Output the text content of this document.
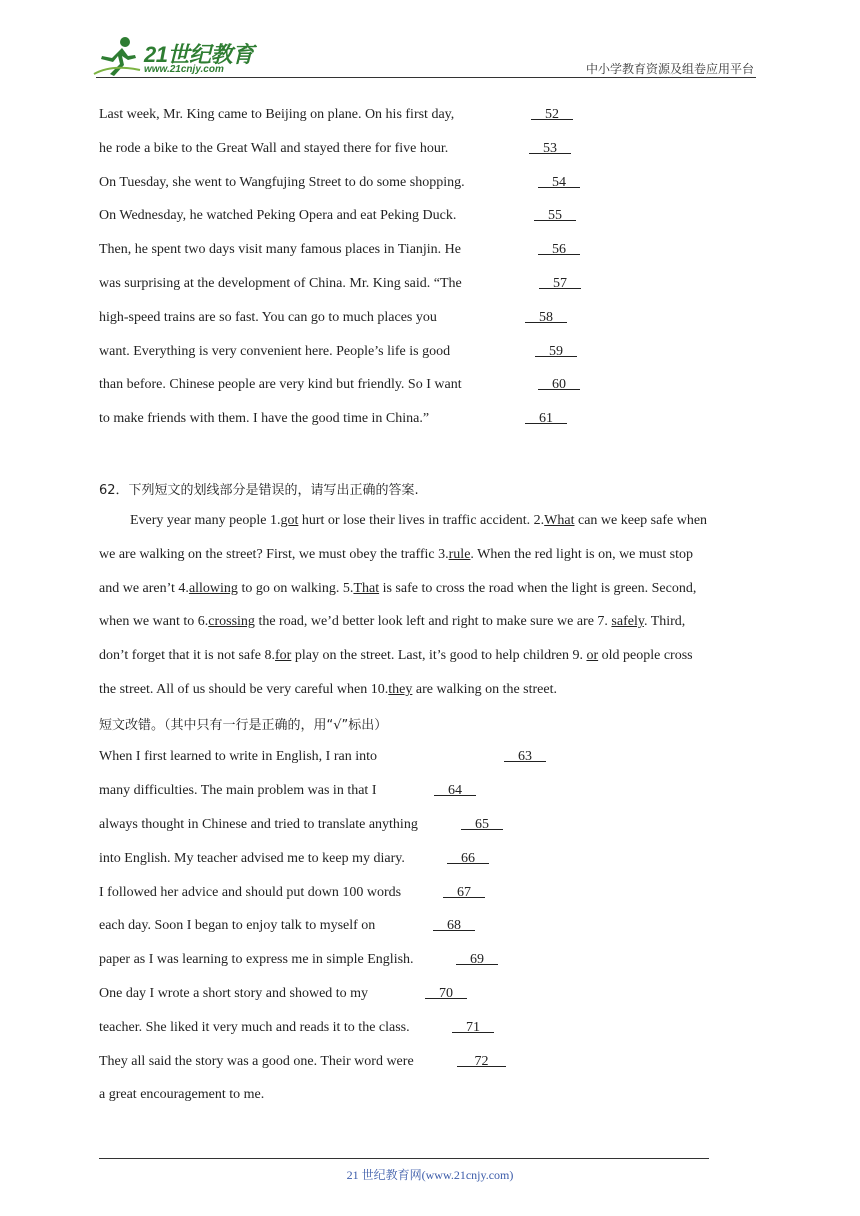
21世纪教育
www.21cnjy.com	中小学教育资源及组卷应用平台
Last week, Mr. King came to Beijing on plane. On his first day,	52
he rode a bike to the Great Wall and stayed there for five hour.	53
On Tuesday, she went to Wangfujing Street to do some shopping.	54
On Wednesday, he watched Peking Opera and eat Peking Duck.	55
Then, he spent two days visit many famous places in Tianjin. He	56
was surprising at the development of China. Mr. King said. “The	57
high-speed trains are so fast. You can go to much places you	58
want. Everything is very convenient here. People’s life is good	59
than before. Chinese people are very kind but friendly. So I want	60
to make friends with them. I have the good time in China.”	61
62．下列短文的划线部分是错误的，请写出正确的答案.
Every year many people 1.got hurt or lose their lives in traffic accident. 2.What can we keep safe when
we are walking on the street? First, we must obey the traffic 3.rule. When the red light is on, we must stop
and we aren’t 4.allowing to go on walking. 5.That is safe to cross the road when the light is green. Second,
when we want to 6.crossing the road, we’d better look left and right to make sure we are 7. safely. Third,
don’t forget that it is not safe 8.for play on the street. Last, it’s good to help children 9. or old people cross
the street. All of us should be very careful when 10.they are walking on the street.
短文改错。（其中只有一行是正确的，用“√”标出）
When I first learned to write in English, I ran into	63
many difficulties. The main problem was in that I	64
always thought in Chinese and tried to translate anything	65
into English. My teacher advised me to keep my diary.	66
I followed her advice and should put down 100 words	67
each day. Soon I began to enjoy talk to myself on	68
paper as I was learning to express me in simple English.	69
One day I wrote a short story and showed to my	70
teacher. She liked it very much and reads it to the class.	71
They all said the story was a good one. Their word were	72
a great encouragement to me.
21 世纪教育网(www.21cnjy.com)
